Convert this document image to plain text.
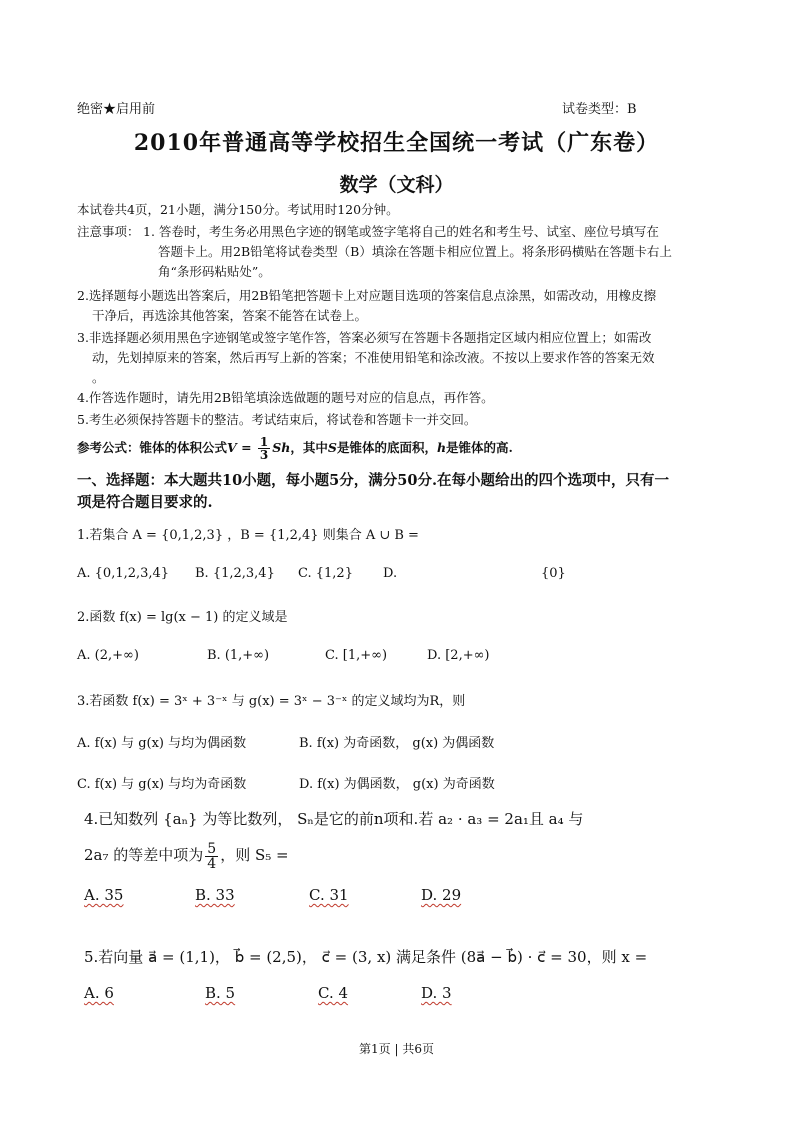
绝密★启用前	试卷类型：B
2010年普通高等学校招生全国统一考试（广东卷）
数学（文科）
本试卷共4页，21小题，满分150分。考试用时120分钟。
注意事项： 1. 答卷时，考生务必用黑色字迹的钢笔或签字笔将自己的姓名和考生号、试室、座位号填写在
答题卡上。用2B铅笔将试卷类型（B）填涂在答题卡相应位置上。将条形码横贴在答题卡右上
角“条形码粘贴处”。
2.选择题每小题选出答案后，用2B铅笔把答题卡上对应题目选项的答案信息点涂黑，如需改动，用橡皮擦
干净后，再选涂其他答案，答案不能答在试卷上。
3.非选择题必须用黑色字迹钢笔或签字笔作答，答案必须写在答题卡各题指定区域内相应位置上；如需改
动，先划掉原来的答案，然后再写上新的答案；不准使用铅笔和涂改液。不按以上要求作答的答案无效
。
4.作答选作题时，请先用2B铅笔填涂选做题的题号对应的信息点，再作答。
5.考生必须保持答题卡的整洁。考试结束后，将试卷和答题卡一并交回。
参考公式：锥体的体积公式$V = \frac{1}{3}$ Sh，其中S是锥体的底面积，h是锥体的高.
一、选择题：本大题共10小题，每小题5分，满分50分.在每小题给出的四个选项中，只有一
项是符合题目要求的.
1.若集合 A = {0,1,2,3} ，B = {1,2,4} 则集合 A ∪ B =
A. {0,1,2,3,4} B. {1,2,3,4} C. {1,2} D.	{0}
2.函数 f(x) = lg(x − 1) 的定义域是
A. (2,+∞)	B. (1,+∞)	C. [1,+∞)	D. [2,+∞)
3.若函数 f(x) = 3ˣ + 3⁻ˣ 与 g(x) = 3ˣ − 3⁻ˣ 的定义域均为R，则
A. f(x) 与 g(x) 与均为偶函数	B. f(x) 为奇函数， g(x) 为偶函数
C. f(x) 与 g(x) 与均为奇函数	D. f(x) 为偶函数， g(x) 为奇函数
4.已知数列 {aₙ} 为等比数列， Sₙ是它的前n项和.若 a₂ · a₃ = 2a₁且 a₄ 与
2a₇ 的等差中项为 $\frac{5}{4}$ ，则 S₅ =
A. 35	B. 33	C. 31	D. 29
5.若向量 a⃗ = (1,1)， b⃗ = (2,5)， c⃗ = (3, x) 满足条件 (8a⃗ − b⃗) · c⃗ = 30，则 x =
A. 6	B. 5	C. 4	D. 3
第1页 | 共6页
